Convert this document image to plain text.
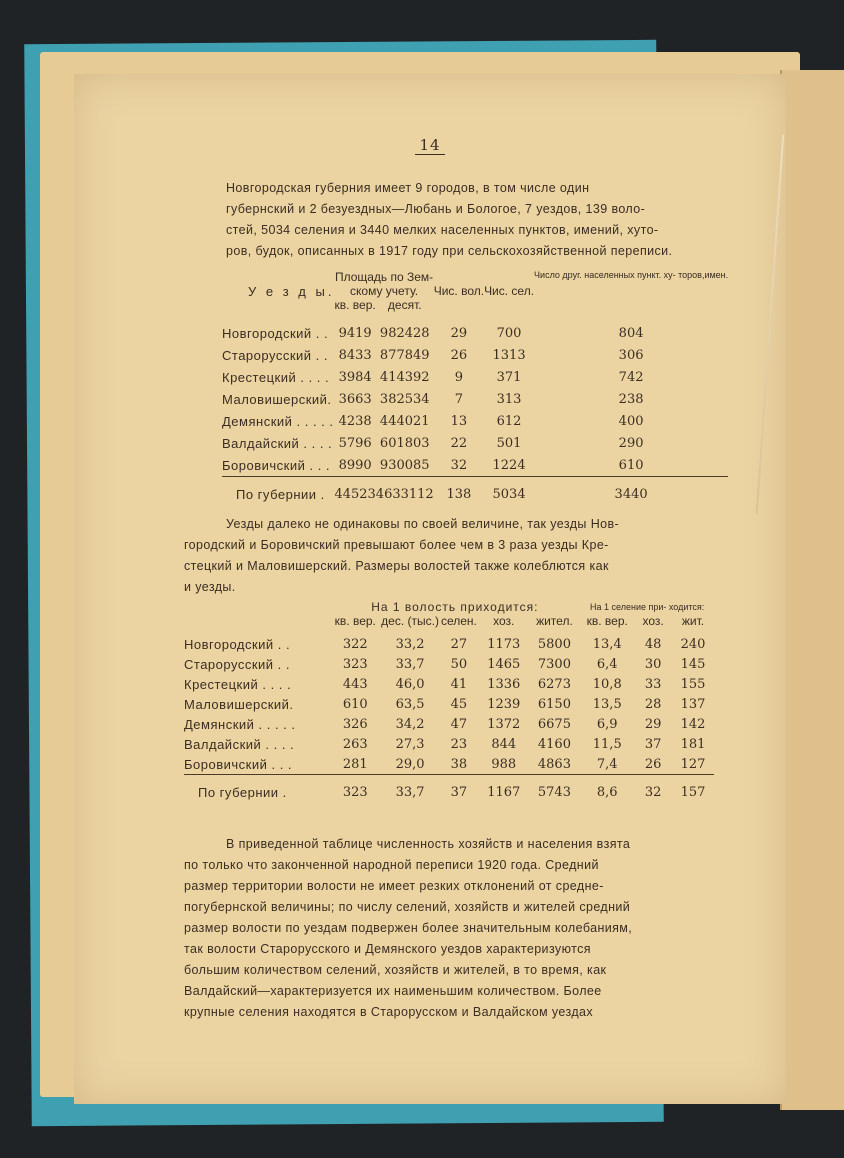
14
Новгородская губерния имеет 9 городов, в том числе один
губернский и 2 безуездных—Любань и Бологое, 7 уездов, 139 воло-
стей, 5034 селения и 3440 мелких населенных пунктов, имений, хуто-
ров, будок, описанных в 1917 году при сельскохозяйственной переписи.
У е з д ы.	Площадь по Зем-
скому учету.		Чис. вол.	Чис. сел.	Число друг. населенных пункт. ху- торов,имен.
	кв. вер.	десят.			

Новгородский . .	9419	982428	29	700	804
Старорусский . .	8433	877849	26	1313	306
Крестецкий . . . .	3984	414392	9	371	742
Маловишерский.	3663	382534	7	313	238
Демянский . . . . .	4238	444021	13	612	400
Валдайский . . . .	5796	601803	22	501	290
Боровичский . . .	8990	930085	32	1224	610
По губернии .	44523	4633112	138	5034	3440
Уезды далеко не одинаковы по своей величине, так уезды Нов-
городский и Боровичский превышают более чем в 3 раза уезды Кре-
стецкий и Маловишерский. Размеры волостей также колеблются как
и уезды.
	На 1 волость приходится:					На 1 селение при- ходится:		
	кв. вер.	дес. (тыс.)	селен.	хоз.	жител.	кв. вер.	хоз.	жит.

Новгородский . .	322	33,2	27	1173	5800	13,4	48	240
Старорусский . .	323	33,7	50	1465	7300	6,4	30	145
Крестецкий . . . .	443	46,0	41	1336	6273	10,8	33	155
Маловишерский.	610	63,5	45	1239	6150	13,5	28	137
Демянский . . . . .	326	34,2	47	1372	6675	6,9	29	142
Валдайский . . . .	263	27,3	23	844	4160	11,5	37	181
Боровичский . . .	281	29,0	38	988	4863	7,4	26	127
По губернии .	323	33,7	37	1167	5743	8,6	32	157
В приведенной таблице численность хозяйств и населения взята
по только что законченной народной переписи 1920 года. Средний
размер территории волости не имеет резких отклонений от средне-
погубернской величины; по числу селений, хозяйств и жителей средний
размер волости по уездам подвержен более значительным колебаниям,
так волости Старорусского и Демянского уездов характеризуются
большим количеством селений, хозяйств и жителей, в то время, как
Валдайский—характеризуется их наименьшим количеством. Более
крупные селения находятся в Старорусском и Валдайском уездах
